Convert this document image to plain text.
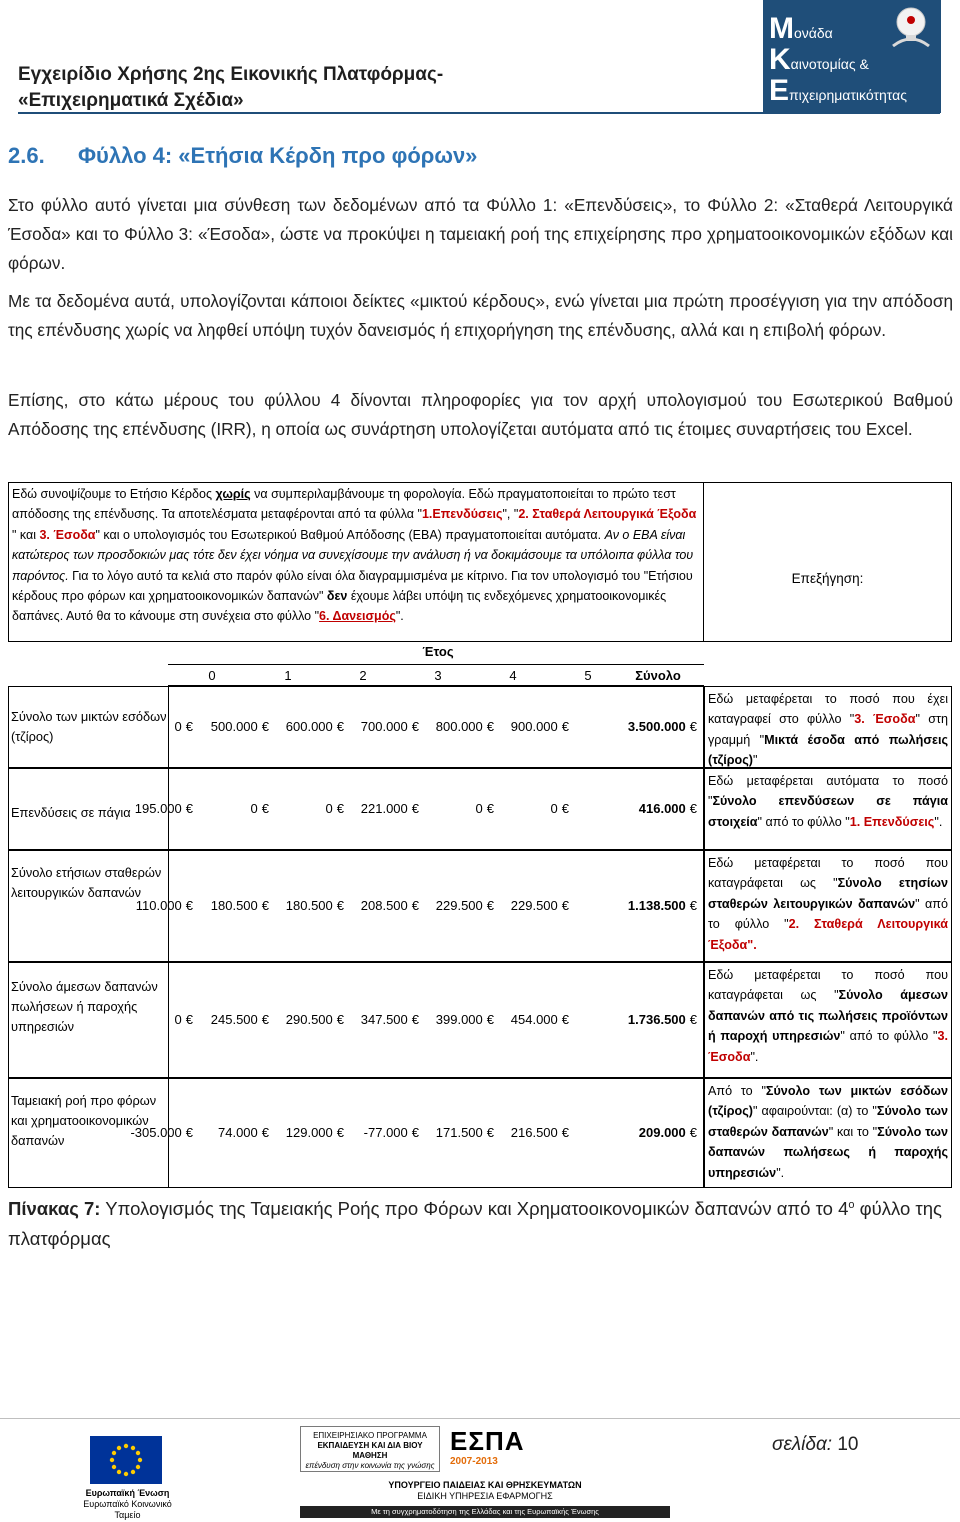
Εγχειρίδιο Χρήσης 2ης Εικονικής Πλατφόρμας-
«Επιχειρηματικά Σχέδια»
Μονάδα
Καινοτομίας &
Επιχειρηματικότητας
2.6. Φύλλο 4: «Ετήσια Κέρδη προ φόρων»
Στο φύλλο αυτό γίνεται μια σύνθεση των δεδομένων από τα Φύλλο 1: «Επενδύσεις», το Φύλλο 2: «Σταθερά Λειτουργικά Έσοδα» και το Φύλλο 3: «Έσοδα», ώστε να προκύψει η ταμειακή ροή της επιχείρησης προ χρηματοοικονομικών εξόδων και φόρων.
Με τα δεδομένα αυτά, υπολογίζονται κάποιοι δείκτες «μικτού κέρδους», ενώ γίνεται μια πρώτη προσέγγιση για την απόδοση της επένδυσης χωρίς να ληφθεί υπόψη τυχόν δανεισμός ή επιχορήγηση της επένδυσης, αλλά και η επιβολή φόρων.
Επίσης, στο κάτω μέρους του φύλλου 4 δίνονται πληροφορίες για τον αρχή υπολογισμού του Εσωτερικού Βαθμού Απόδοσης της επένδυσης (IRR), η οποία ως συνάρτηση υπολογίζεται αυτόματα από τις έτοιμες συναρτήσεις του Excel.
Εδώ συνοψίζουμε το Ετήσιο Κέρδος χωρίς να συμπεριλαμβάνουμε τη φορολογία. Εδώ πραγματοποιείται το πρώτο τεστ απόδοσης της επένδυσης. Τα αποτελέσματα μεταφέρονται από τα φύλλα "1.Επενδύσεις", "2. Σταθερά Λειτουργικά Έξοδα " και 3. Έσοδα" και ο υπολογισμός του Εσωτερικού Βαθμού Απόδοσης (ΕΒΑ) πραγματοποιείται αυτόματα. Αν ο ΕΒΑ είναι κατώτερος των προσδοκιών μας τότε δεν έχει νόημα να συνεχίσουμε την ανάλυση ή να δοκιμάσουμε τα υπόλοιπα φύλλα του παρόντος. Για το λόγο αυτό τα κελιά στο παρόν φύλο είναι όλα διαγραμμισμένα με κίτρινο. Για τον υπολογισμό του "Ετήσιου κέρδους προ φόρων και χρηματοοικονομικών δαπανών" δεν έχουμε λάβει υπόψη τις ενδεχόμενες χρηματοοικονομικές δαπάνες. Αυτό θα το κάνουμε στη συνέχεια στο φύλλο "6. Δανεισμός".
Επεξήγηση:
Έτος
0	1	2	3	4	5	Σύνολο
Σύνολο των μικτών εσόδων (τζίρος)
0 € 500.000 € 600.000 € 700.000 € 800.000 € 900.000 €	3.500.000 €
Εδώ μεταφέρεται το ποσό που έχει καταγραφεί στο φύλλο "3. Έσοδα" στη γραμμή "Μικτά έσοδα από πωλήσεις (τζίρος)"
Επενδύσεις σε πάγια 195.000 €	0 €	0 € 221.000 €	0 €	0 €	416.000 €
Εδώ μεταφέρεται αυτόματα το ποσό "Σύνολο επενδύσεων σε πάγια στοιχεία" από το φύλλο "1. Επενδύσεις".
Σύνολο ετήσιων σταθερών λειτουργικών δαπανών
110.000 € 180.500 € 180.500 € 208.500 € 229.500 € 229.500 €	1.138.500 €
Εδώ μεταφέρεται το ποσό που καταγράφεται ως "Σύνολο ετησίων σταθερών λειτουργικών δαπανών" από το φύλλο "2. Σταθερά Λειτουργικά Έξοδα".
Σύνολο άμεσων δαπανών πωλήσεων ή παροχής υπηρεσιών	0 € 245.500 € 290.500 € 347.500 € 399.000 € 454.000 €	1.736.500 €
Εδώ μεταφέρεται το ποσό που καταγράφεται ως "Σύνολο άμεσων δαπανών από τις πωλήσεις προϊόντων ή παροχή υπηρεσιών" από το φύλλο "3. Έσοδα".
Ταμειακή ροή προ φόρων και χρηματοοικονομικών δαπανών
-305.000 € 74.000 € 129.000 € -77.000 € 171.500 € 216.500 €	209.000 €
Από το "Σύνολο των μικτών εσόδων (τζίρος)" αφαιρούνται: (α) το "Σύνολο των σταθερών δαπανών" και το "Σύνολο των δαπανών πωλήσεως ή παροχής υπηρεσιών".
Πίνακας 7: Υπολογισμός της Ταμειακής Ροής προ Φόρων και Χρηματοοικονομικών δαπανών από το $4^o$ φύλλο της πλατφόρμας
Ευρωπαϊκή Ένωση
Ευρωπαϊκό Κοινωνικό Ταμείο
ΕΠΙΧΕΙΡΗΣΙΑΚΟ ΠΡΟΓΡΑΜΜΑ
ΕΚΠΑΙΔΕΥΣΗ ΚΑΙ ΔΙΑ ΒΙΟΥ ΜΑΘΗΣΗ
επένδυση στην κοινωνία της γνώσης
ΕΣΠΑ
2007-2013
ΥΠΟΥΡΓΕΙΟ ΠΑΙΔΕΙΑΣ ΚΑΙ ΘΡΗΣΚΕΥΜΑΤΩΝ
ΕΙΔΙΚΗ ΥΠΗΡΕΣΙΑ ΕΦΑΡΜΟΓΗΣ
Με τη συγχρηματοδότηση της Ελλάδας και της Ευρωπαϊκής Ένωσης
σελίδα: 10
